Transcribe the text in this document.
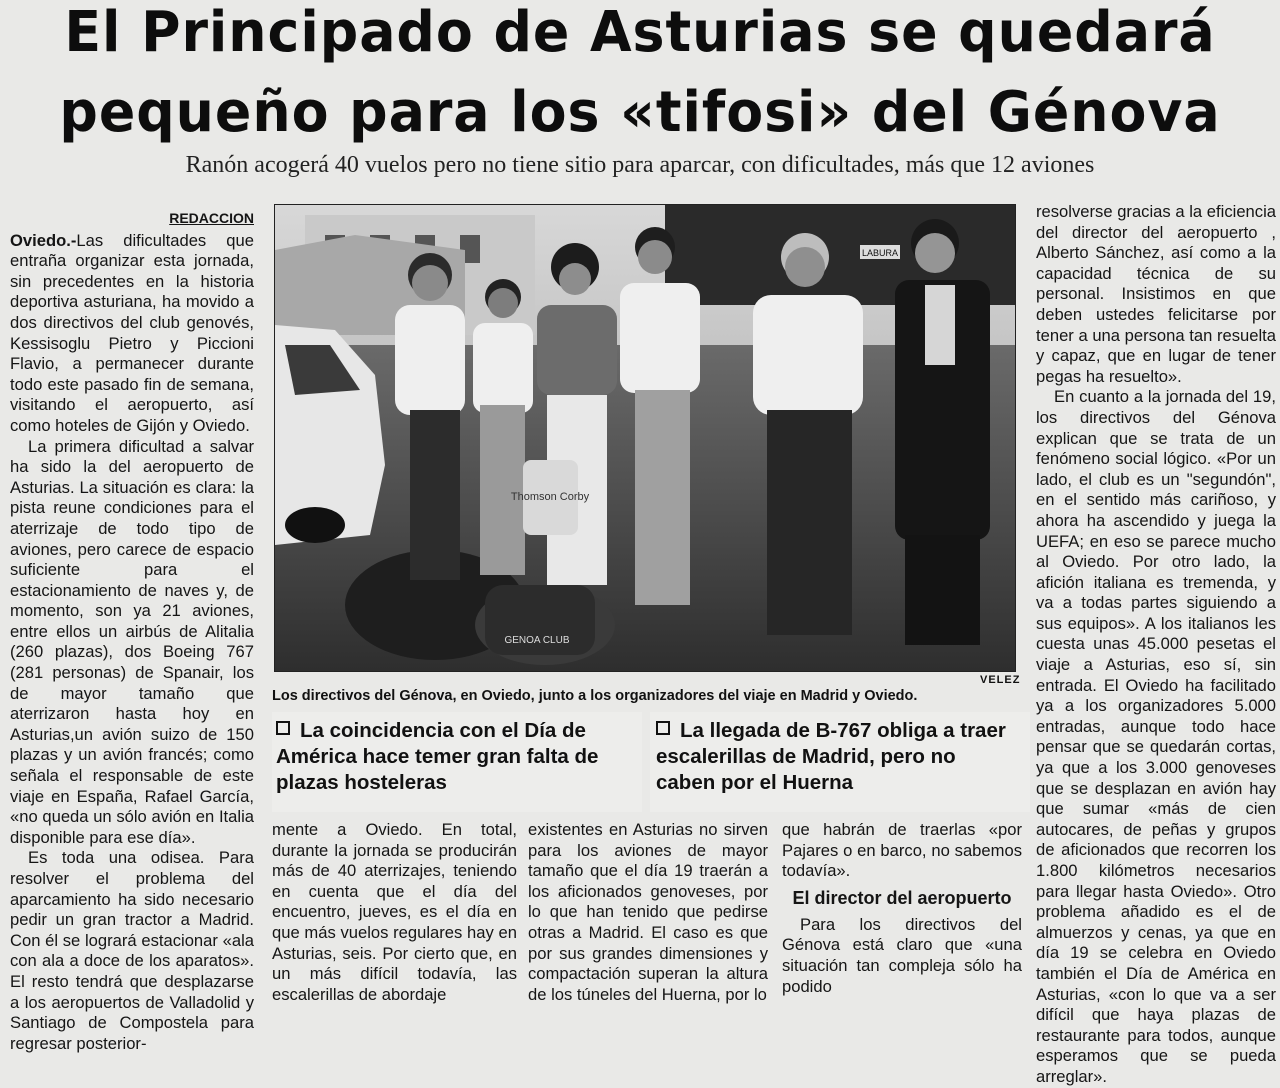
El Principado de Asturias se quedará
pequeño para los «tifosi» del Génova
Ranón acogerá 40 vuelos pero no tiene sitio para aparcar, con dificultades, más que 12 aviones
REDACCION

Oviedo.-Las dificultades que entraña organizar esta jornada, sin precedentes en la historia deportiva asturiana, ha movido a dos directivos del club genovés, Kessisoglu Pietro y Piccioni Flavio, a permanecer durante todo este pasado fin de semana, visitando el aeropuerto, así como hoteles de Gijón y Oviedo.

La primera dificultad a salvar ha sido la del aeropuerto de Asturias. La situación es clara: la pista reune condiciones para el aterrizaje de todo tipo de aviones, pero carece de espacio suficiente para el estacionamiento de naves y, de momento, son ya 21 aviones, entre ellos un airbús de Alitalia (260 plazas), dos Boeing 767 (281 personas) de Spanair, los de mayor tamaño que aterrizaron hasta hoy en Asturias,un avión suizo de 150 plazas y un avión francés; como señala el responsable de este viaje en España, Rafael García, «no queda un sólo avión en Italia disponible para ese día».

Es toda una odisea. Para resolver el problema del aparcamiento ha sido necesario pedir un gran tractor a Madrid. Con él se logrará estacionar «ala con ala a doce de los aparatos». El resto tendrá que desplazarse a los aeropuertos de Valladolid y Santiago de Compostela para regresar posterior-

LABURA
GENOA CLUB
Thomson Corby
VELEZ
Los directivos del Génova, en Oviedo, junto a los organizadores del viaje en Madrid y Oviedo.
La coincidencia con el Día de América hace temer gran falta de plazas hosteleras
La llegada de B-767 obliga a traer escalerillas de Madrid, pero no caben por el Huerna

mente a Oviedo. En total, durante la jornada se producirán más de 40 aterrizajes, teniendo en cuenta que el día del encuentro, jueves, es el día en que más vuelos regulares hay en Asturias, seis. Por cierto que, en un más difícil todavía, las escalerillas de abordaje

existentes en Asturias no sirven para los aviones de mayor tamaño que el día 19 traerán a los aficionados genoveses, por lo que han tenido que pedirse otras a Madrid. El caso es que por sus grandes dimensiones y compactación superan la altura de los túneles del Huerna, por lo

que habrán de traerlas «por Pajares o en barco, no sabemos todavía».

El director del aeropuerto

Para los directivos del Génova está claro que «una situación tan compleja sólo ha podido

resolverse gracias a la eficiencia del director del aeropuerto , Alberto Sánchez, así como a la capacidad técnica de su personal. Insistimos en que deben ustedes felicitarse por tener a una persona tan resuelta y capaz, que en lugar de tener pegas ha resuelto».

En cuanto a la jornada del 19, los directivos del Génova explican que se trata de un fenómeno social lógico. «Por un lado, el club es un "segundón", en el sentido más cariñoso, y ahora ha ascendido y juega la UEFA; en eso se parece mucho al Oviedo. Por otro lado, la afición italiana es tremenda, y va a todas partes siguiendo a sus equipos». A los italianos les cuesta unas 45.000 pesetas el viaje a Asturias, eso sí, sin entrada. El Oviedo ha facilitado ya a los organizadores 5.000 entradas, aunque todo hace pensar que se quedarán cortas, ya que a los 3.000 genoveses que se desplazan en avión hay que sumar «más de cien autocares, de peñas y grupos de aficionados que recorren los 1.800 kilómetros necesarios para llegar hasta Oviedo». Otro problema añadido es el de almuerzos y cenas, ya que en día 19 se celebra en Oviedo también el Día de América en Asturias, «con lo que va a ser difícil que haya plazas de restaurante para todos, aunque esperamos que se pueda arreglar».
